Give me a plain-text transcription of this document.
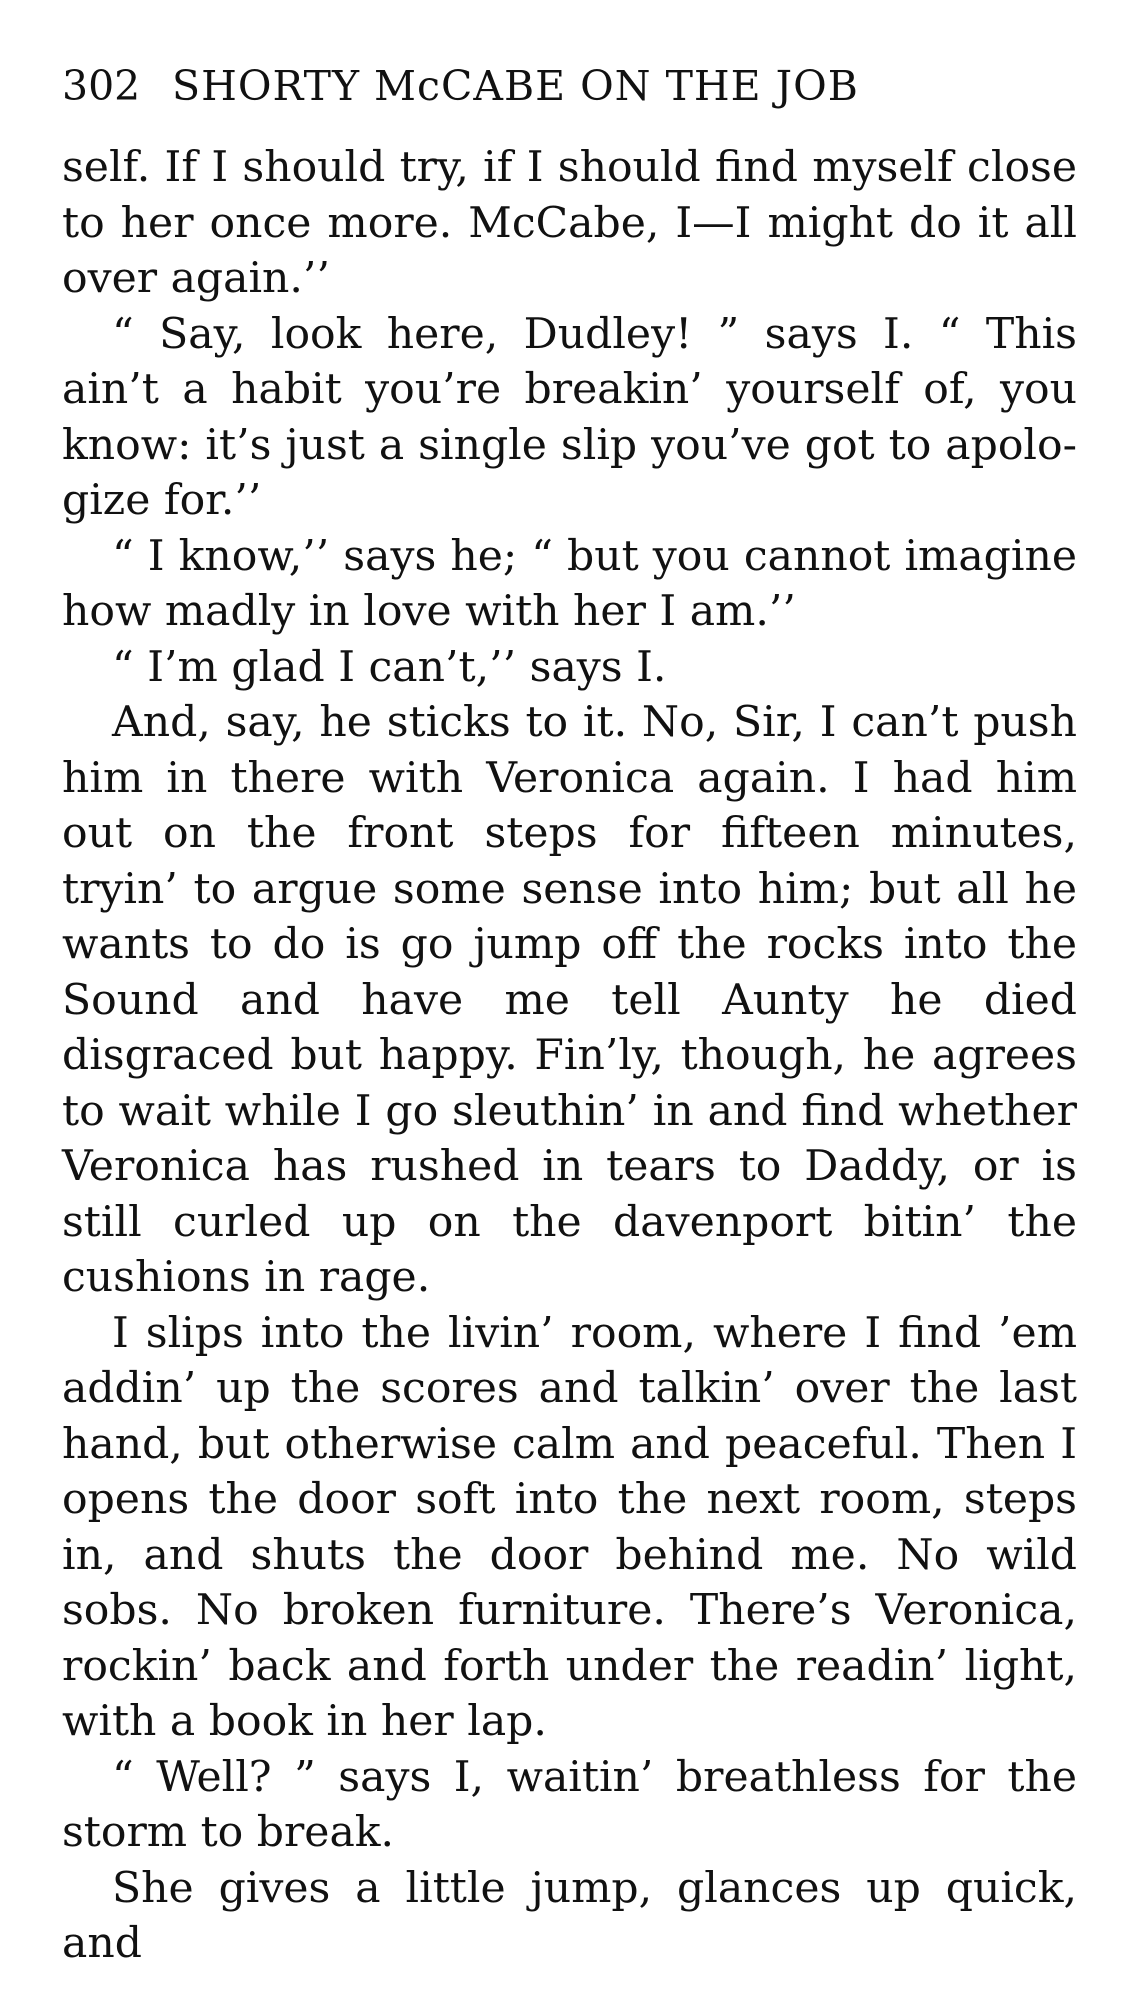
302 SHORTY McCABE ON THE JOB

self. If I should try, if I should find myself close to her once more. McCabe, I—I might do it all over again.’’

“ Say, look here, Dudley! ” says I. “ This ain’t a habit you’re breakin’ yourself of, you know: it’s just a single slip you’ve got to apologize for.’’

“ I know,’’ says he; “ but you cannot imagine how madly in love with her I am.’’

“ I’m glad I can’t,’’ says I.

And, say, he sticks to it. No, Sir, I can’t push him in there with Veronica again. I had him out on the front steps for fifteen minutes, tryin’ to argue some sense into him; but all he wants to do is go jump off the rocks into the Sound and have me tell Aunty he died disgraced but happy. Fin’ly, though, he agrees to wait while I go sleuthin’ in and find whether Veronica has rushed in tears to Daddy, or is still curled up on the davenport bitin’ the cushions in rage.

I slips into the livin’ room, where I find ’em addin’ up the scores and talkin’ over the last hand, but otherwise calm and peaceful. Then I opens the door soft into the next room, steps in, and shuts the door behind me. No wild sobs. No broken furniture. There’s Veronica, rockin’ back and forth under the readin’ light, with a book in her lap.

“ Well? ” says I, waitin’ breathless for the storm to break.

She gives a little jump, glances up quick, and
